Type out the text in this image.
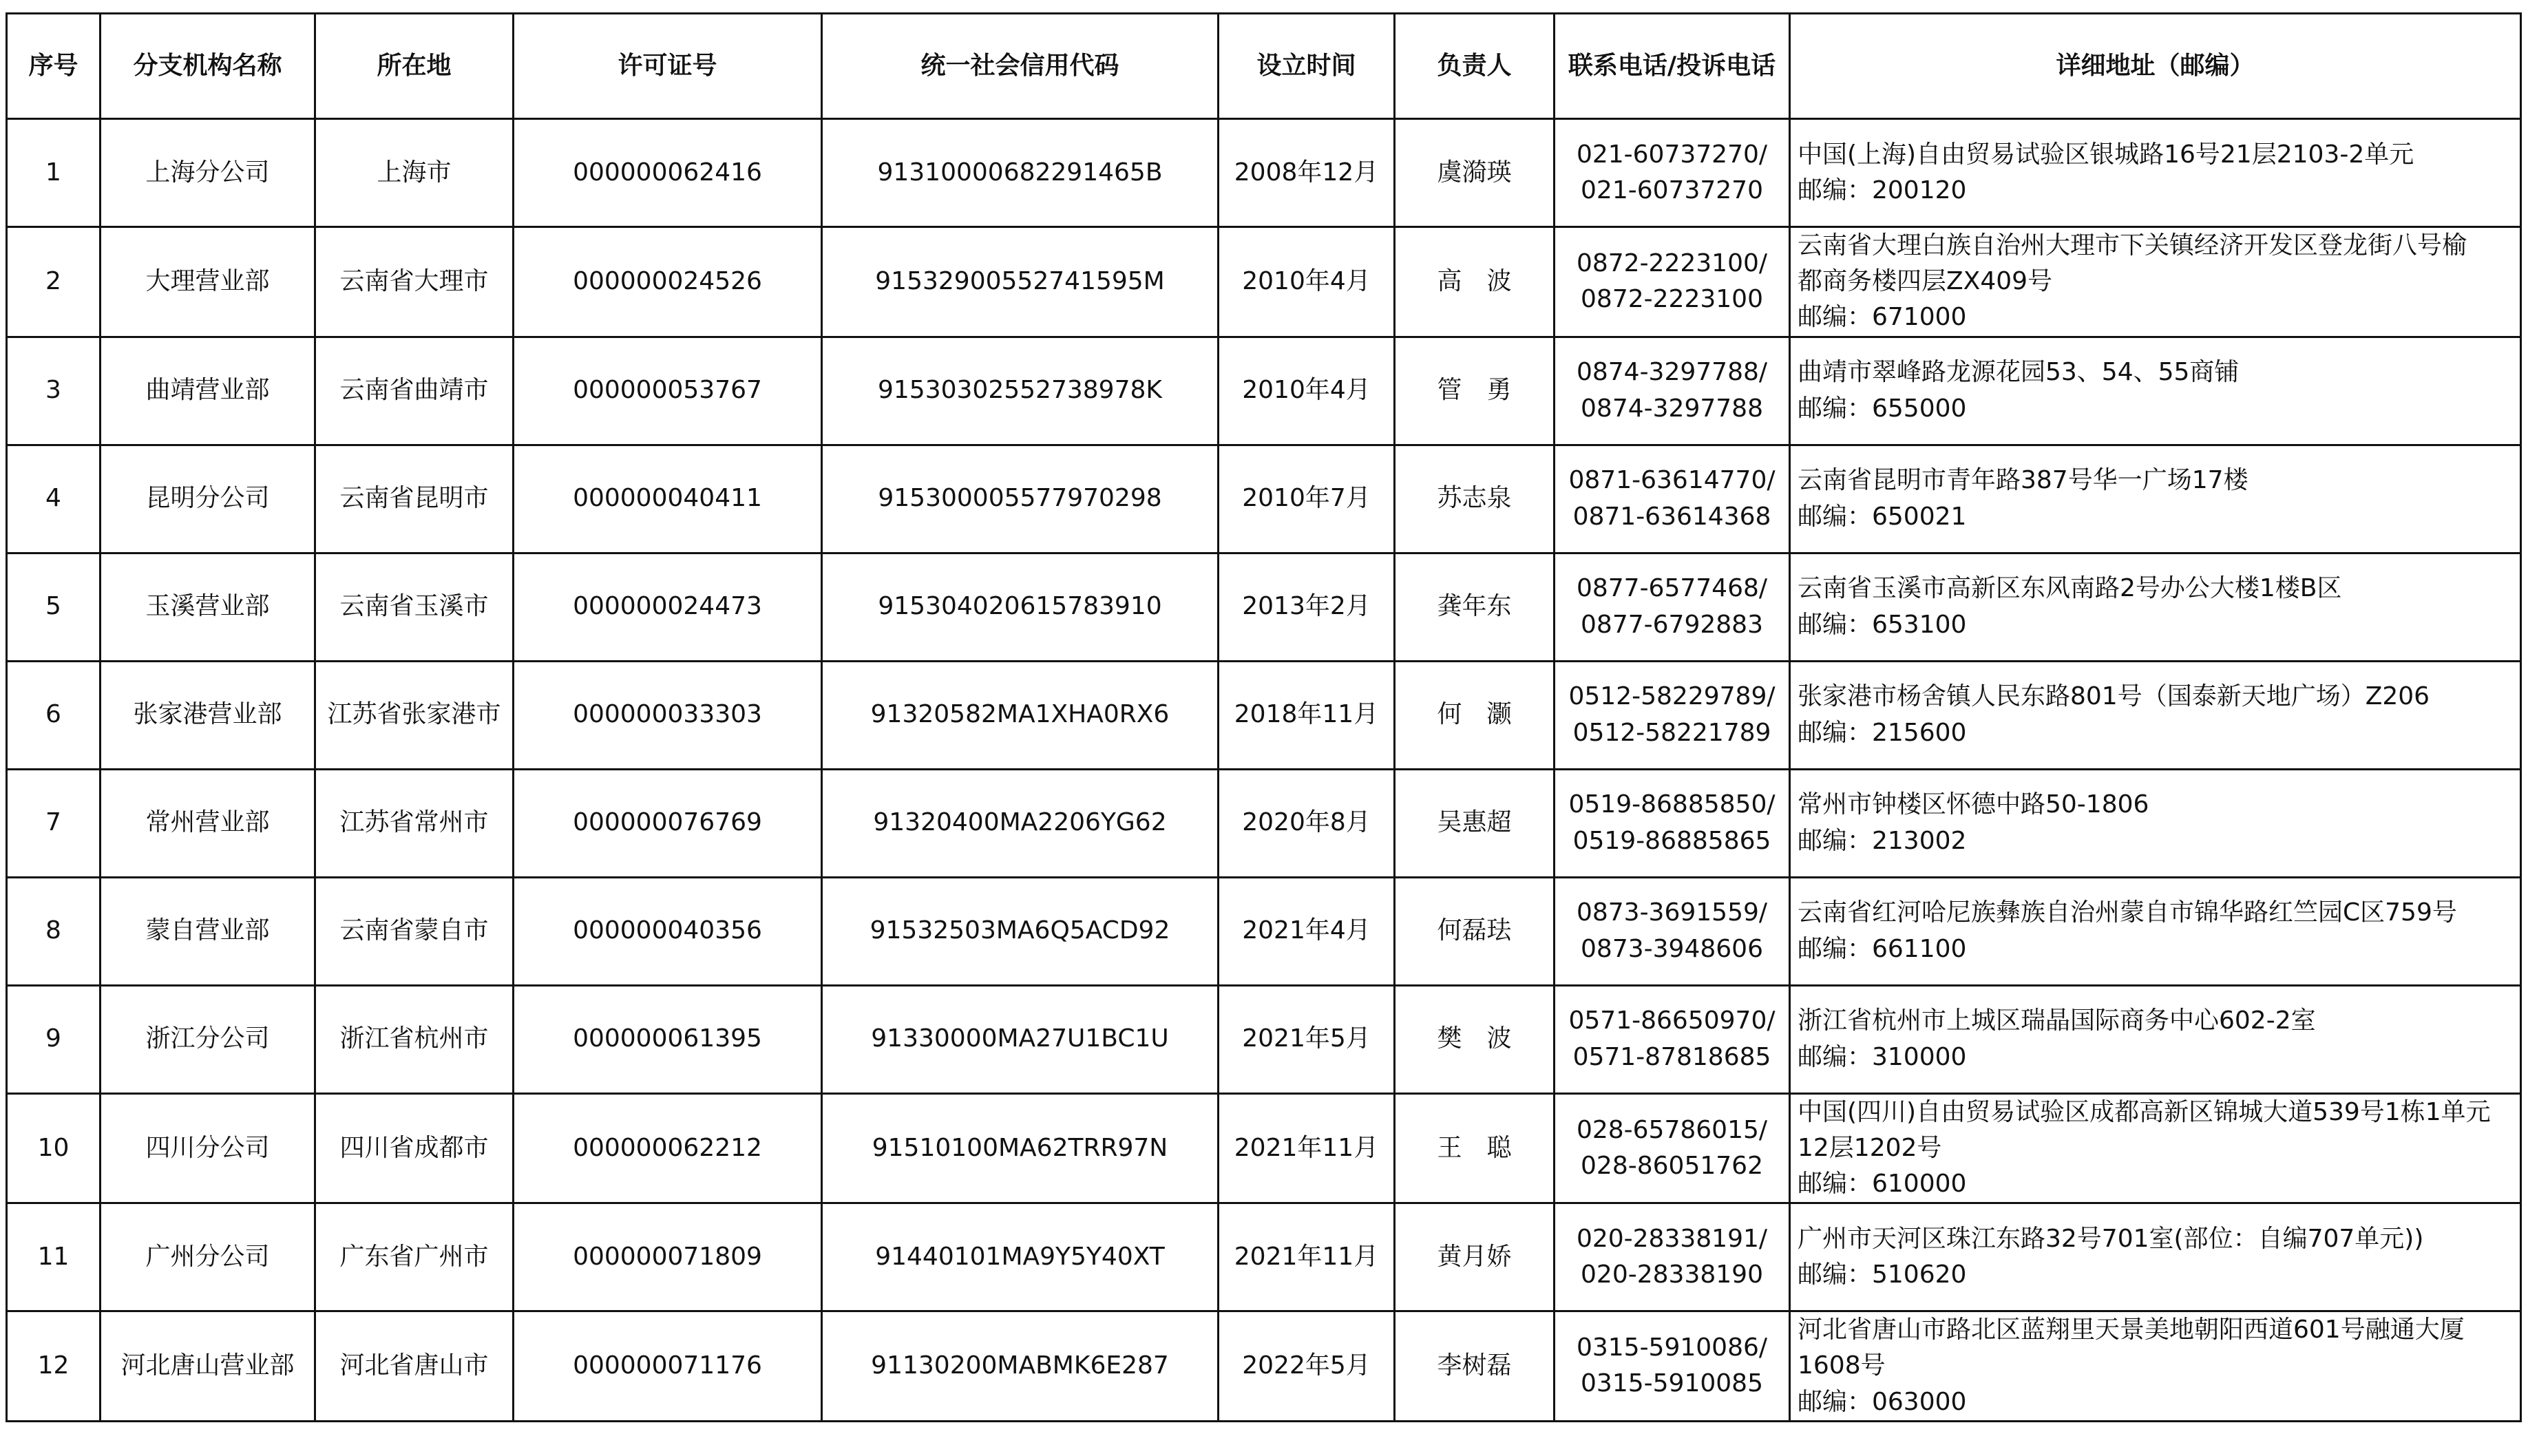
序号	分支机构名称	所在地	许可证号	统一社会信用代码	设立时间	负责人	联系电话/投诉电话	详细地址（邮编）
1	上海分公司	上海市	000000062416	91310000682291465B	2008年12月	虞漪瑛	021-60737270/
021-60737270	中国(上海)自由贸易试验区银城路16号21层2103-2单元
邮编：200120

2	大理营业部	云南省大理市	000000024526	91532900552741595M	2010年4月	高　波	0872-2223100/
0872-2223100	云南省大理白族自治州大理市下关镇经济开发区登龙街八号榆
都商务楼四层ZX409号
邮编：671000

3	曲靖营业部	云南省曲靖市	000000053767	91530302552738978K	2010年4月	管　勇	0874-3297788/
0874-3297788	曲靖市翠峰路龙源花园53、54、55商铺
邮编：655000

4	昆明分公司	云南省昆明市	000000040411	915300005577970298	2010年7月	苏志泉	0871-63614770/
0871-63614368	云南省昆明市青年路387号华一广场17楼
邮编：650021

5	玉溪营业部	云南省玉溪市	000000024473	915304020615783910	2013年2月	龚年东	0877-6577468/
0877-6792883	云南省玉溪市高新区东风南路2号办公大楼1楼B区
邮编：653100

6	张家港营业部	江苏省张家港市	000000033303	91320582MA1XHA0RX6	2018年11月	何　灏	0512-58229789/
0512-58221789	张家港市杨舍镇人民东路801号（国泰新天地广场）Z206
邮编：215600

7	常州营业部	江苏省常州市	000000076769	91320400MA2206YG62	2020年8月	吴惠超	0519-86885850/
0519-86885865	常州市钟楼区怀德中路50-1806
邮编：213002

8	蒙自营业部	云南省蒙自市	000000040356	91532503MA6Q5ACD92	2021年4月	何磊珐	0873-3691559/
0873-3948606	云南省红河哈尼族彝族自治州蒙自市锦华路红竺园C区759号
邮编：661100

9	浙江分公司	浙江省杭州市	000000061395	91330000MA27U1BC1U	2021年5月	樊　波	0571-86650970/
0571-87818685	浙江省杭州市上城区瑞晶国际商务中心602-2室
邮编：310000

10	四川分公司	四川省成都市	000000062212	91510100MA62TRR97N	2021年11月	王　聪	028-65786015/
028-86051762	中国(四川)自由贸易试验区成都高新区锦城大道539号1栋1单元
12层1202号
邮编：610000

11	广州分公司	广东省广州市	000000071809	91440101MA9Y5Y40XT	2021年11月	黄月娇	020-28338191/
020-28338190	广州市天河区珠江东路32号701室(部位：自编707单元))
邮编：510620

12	河北唐山营业部	河北省唐山市	000000071176	91130200MABMK6E287	2022年5月	李树磊	0315-5910086/
0315-5910085	河北省唐山市路北区蓝翔里天景美地朝阳西道601号融通大厦
1608号
邮编：063000
